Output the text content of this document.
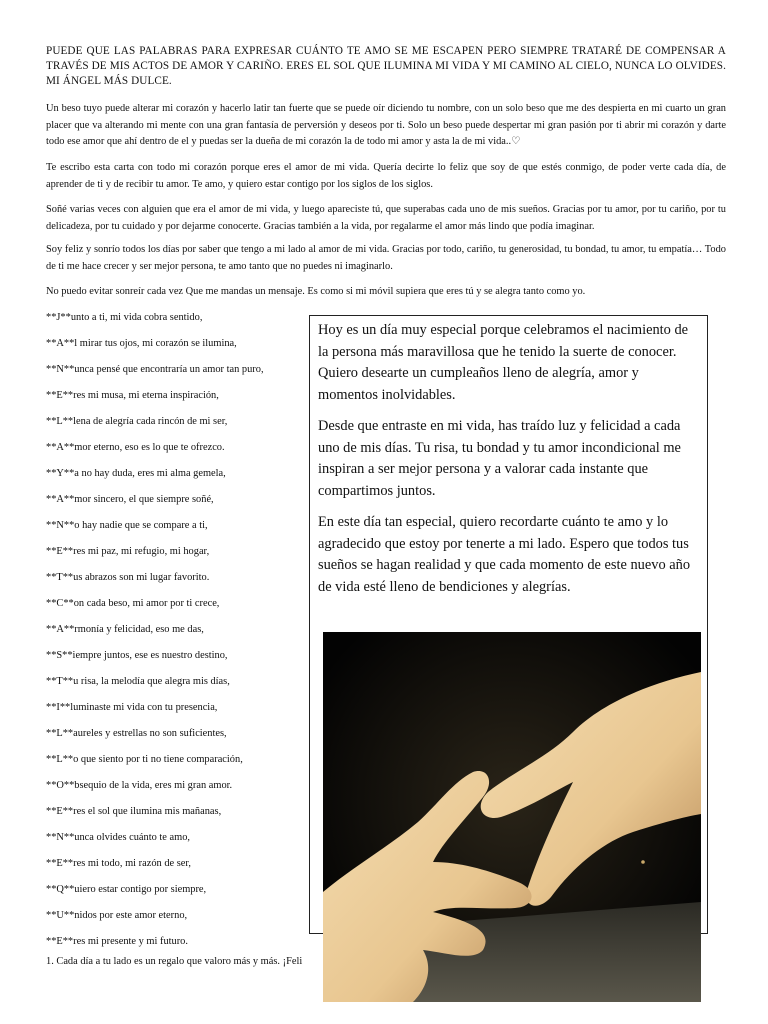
PUEDE QUE LAS PALABRAS PARA EXPRESAR CUÁNTO TE AMO SE ME ESCAPEN PERO SIEMPRE TRATARÉ DE COMPENSAR A TRAVÉS DE MIS ACTOS DE AMOR Y CARIÑO. ERES EL SOL QUE ILUMINA MI VIDA Y MI CAMINO AL CIELO, NUNCA LO OLVIDES. MI ÁNGEL MÁS DULCE.

Un beso tuyo puede alterar mi corazón y hacerlo latir tan fuerte que se puede oír diciendo tu nombre, con un solo beso que me des despierta en mi cuarto un gran placer que va alterando mi mente con una gran fantasía de perversión y deseos por ti. Solo un beso puede despertar mi gran pasión por ti abrir mi corazón y darte todo ese amor que ahí dentro de el y puedas ser la dueña de mi corazón la de todo mi amor y asta la de mi vida..♡

Te escribo esta carta con todo mi corazón porque eres el amor de mi vida. Quería decirte lo feliz que soy de que estés conmigo, de poder verte cada día, de aprender de ti y de recibir tu amor. Te amo, y quiero estar contigo por los siglos de los siglos.

Soñé varias veces con alguien que era el amor de mi vida, y luego apareciste tú, que superabas cada uno de mis sueños. Gracias por tu amor, por tu cariño, por tu delicadeza, por tu cuidado y por dejarme conocerte. Gracias también a la vida, por regalarme el amor más lindo que podía imaginar.

Soy feliz y sonrío todos los días por saber que tengo a mi lado al amor de mi vida. Gracias por todo, cariño, tu generosidad, tu bondad, tu amor, tu empatía… Todo de ti me hace crecer y ser mejor persona, te amo tanto que no puedes ni imaginarlo.

No puedo evitar sonreír cada vez Que me mandas un mensaje. Es como si mi móvil supiera que eres tú y se alegra tanto como yo.

**J**unto a ti, mi vida cobra sentido,
**A**l mirar tus ojos, mi corazón se ilumina,
**N**unca pensé que encontraría un amor tan puro,
**E**res mi musa, mi eterna inspiración,
**L**lena de alegría cada rincón de mi ser,
**A**mor eterno, eso es lo que te ofrezco.
**Y**a no hay duda, eres mi alma gemela,
**A**mor sincero, el que siempre soñé,
**N**o hay nadie que se compare a ti,
**E**res mi paz, mi refugio, mi hogar,
**T**us abrazos son mi lugar favorito.
**C**on cada beso, mi amor por ti crece,
**A**rmonía y felicidad, eso me das,
**S**iempre juntos, ese es nuestro destino,
**T**u risa, la melodía que alegra mis días,
**I**luminaste mi vida con tu presencia,
**L**aureles y estrellas no son suficientes,
**L**o que siento por ti no tiene comparación,
**O**bsequio de la vida, eres mi gran amor.
**E**res el sol que ilumina mis mañanas,
**N**unca olvides cuánto te amo,
**E**res mi todo, mi razón de ser,
**Q**uiero estar contigo por siempre,
**U**nidos por este amor eterno,
**E**res mi presente y mi futuro.
1. Cada día a tu lado es un regalo que valoro más y más. ¡Feli

Hoy es un día muy especial porque celebramos el nacimiento de la persona más maravillosa que he tenido la suerte de conocer. Quiero desearte un cumpleaños lleno de alegría, amor y momentos inolvidables.

Desde que entraste en mi vida, has traído luz y felicidad a cada uno de mis días. Tu risa, tu bondad y tu amor incondicional me inspiran a ser mejor persona y a valorar cada instante que compartimos juntos.

En este día tan especial, quiero recordarte cuánto te amo y lo agradecido que estoy por tenerte a mi lado. Espero que todos tus sueños se hagan realidad y que cada momento de este nuevo año de vida esté lleno de bendiciones y alegrías.
